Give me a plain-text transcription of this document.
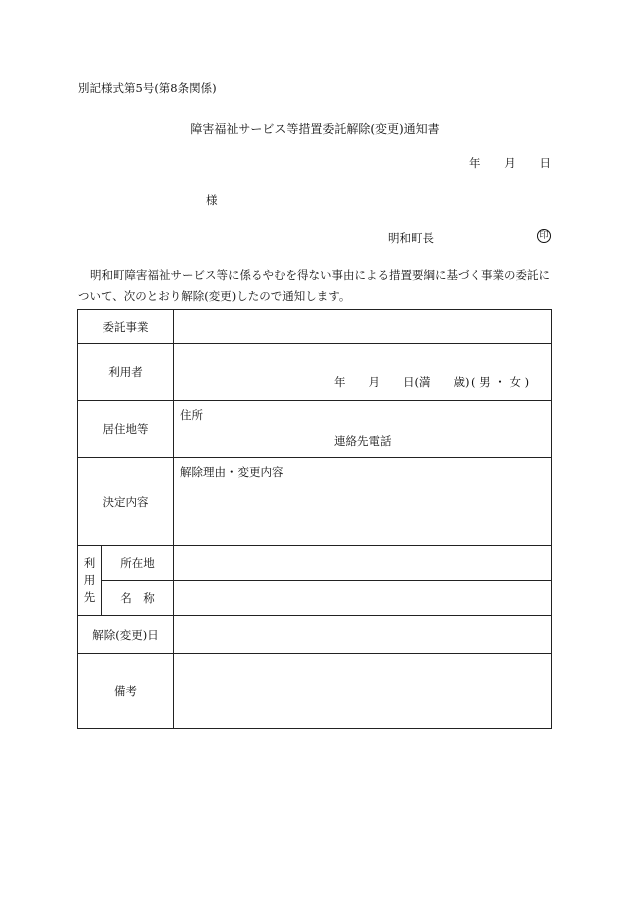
別記様式第5号(第8条関係)
障害福祉サービス等措置委託解除(変更)通知書
年 月 日
様
明和町長	印
明和町障害福祉サービス等に係るやむを得ない事由による措置要綱に基づく事業の委託について、次のとおり解除(変更)したので通知します。
委託事業		
利用者		年　　月　　日(満　　歳) ( 男 ・ 女 )

居住地等		住所
連絡先電話

決定内容		解除理由・変更内容

利
用
先	所在地	
	名　称	
解除(変更)日		
備考		
